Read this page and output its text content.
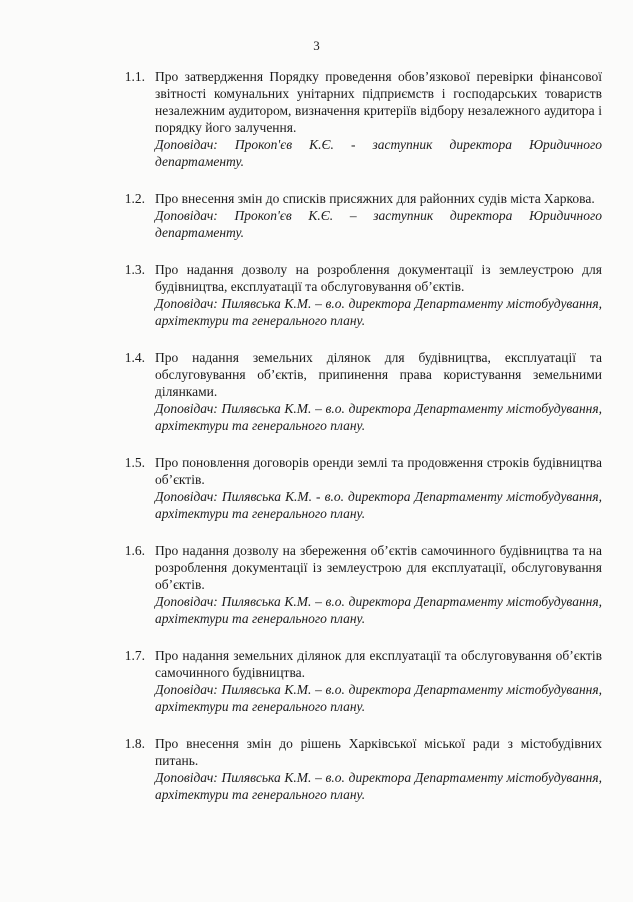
3
1.1. Про затвердження Порядку проведення обов’язкової перевірки фінансової звітності комунальних унітарних підприємств і господарських товариств незалежним аудитором, визначення критеріїв відбору незалежного аудитора і порядку його залучення.
Доповідач: Прокоп'єв К.Є. - заступник директора Юридичного департаменту.
1.2. Про внесення змін до списків присяжних для районних судів міста Харкова.
Доповідач: Прокоп'єв К.Є. – заступник директора Юридичного департаменту.
1.3. Про надання дозволу на розроблення документації із землеустрою для будівництва, експлуатації та обслуговування об’єктів.
Доповідач: Пилявська К.М. – в.о. директора Департаменту містобудування, архітектури та генерального плану.
1.4. Про надання земельних ділянок для будівництва, експлуатації та обслуговування об’єктів, припинення права користування земельними ділянками.
Доповідач: Пилявська К.М. – в.о. директора Департаменту містобудування, архітектури та генерального плану.
1.5. Про поновлення договорів оренди землі та продовження строків будівництва об’єктів.
Доповідач: Пилявська К.М. - в.о. директора Департаменту містобудування, архітектури та генерального плану.
1.6. Про надання дозволу на збереження об’єктів самочинного будівництва та на розроблення документації із землеустрою для експлуатації, обслуговування об’єктів.
Доповідач: Пилявська К.М. – в.о. директора Департаменту містобудування, архітектури та генерального плану.
1.7. Про надання земельних ділянок для експлуатації та обслуговування об’єктів самочинного будівництва.
Доповідач: Пилявська К.М. – в.о. директора Департаменту містобудування, архітектури та генерального плану.
1.8. Про внесення змін до рішень Харківської міської ради з містобудівних питань.
Доповідач: Пилявська К.М. – в.о. директора Департаменту містобудування, архітектури та генерального плану.
